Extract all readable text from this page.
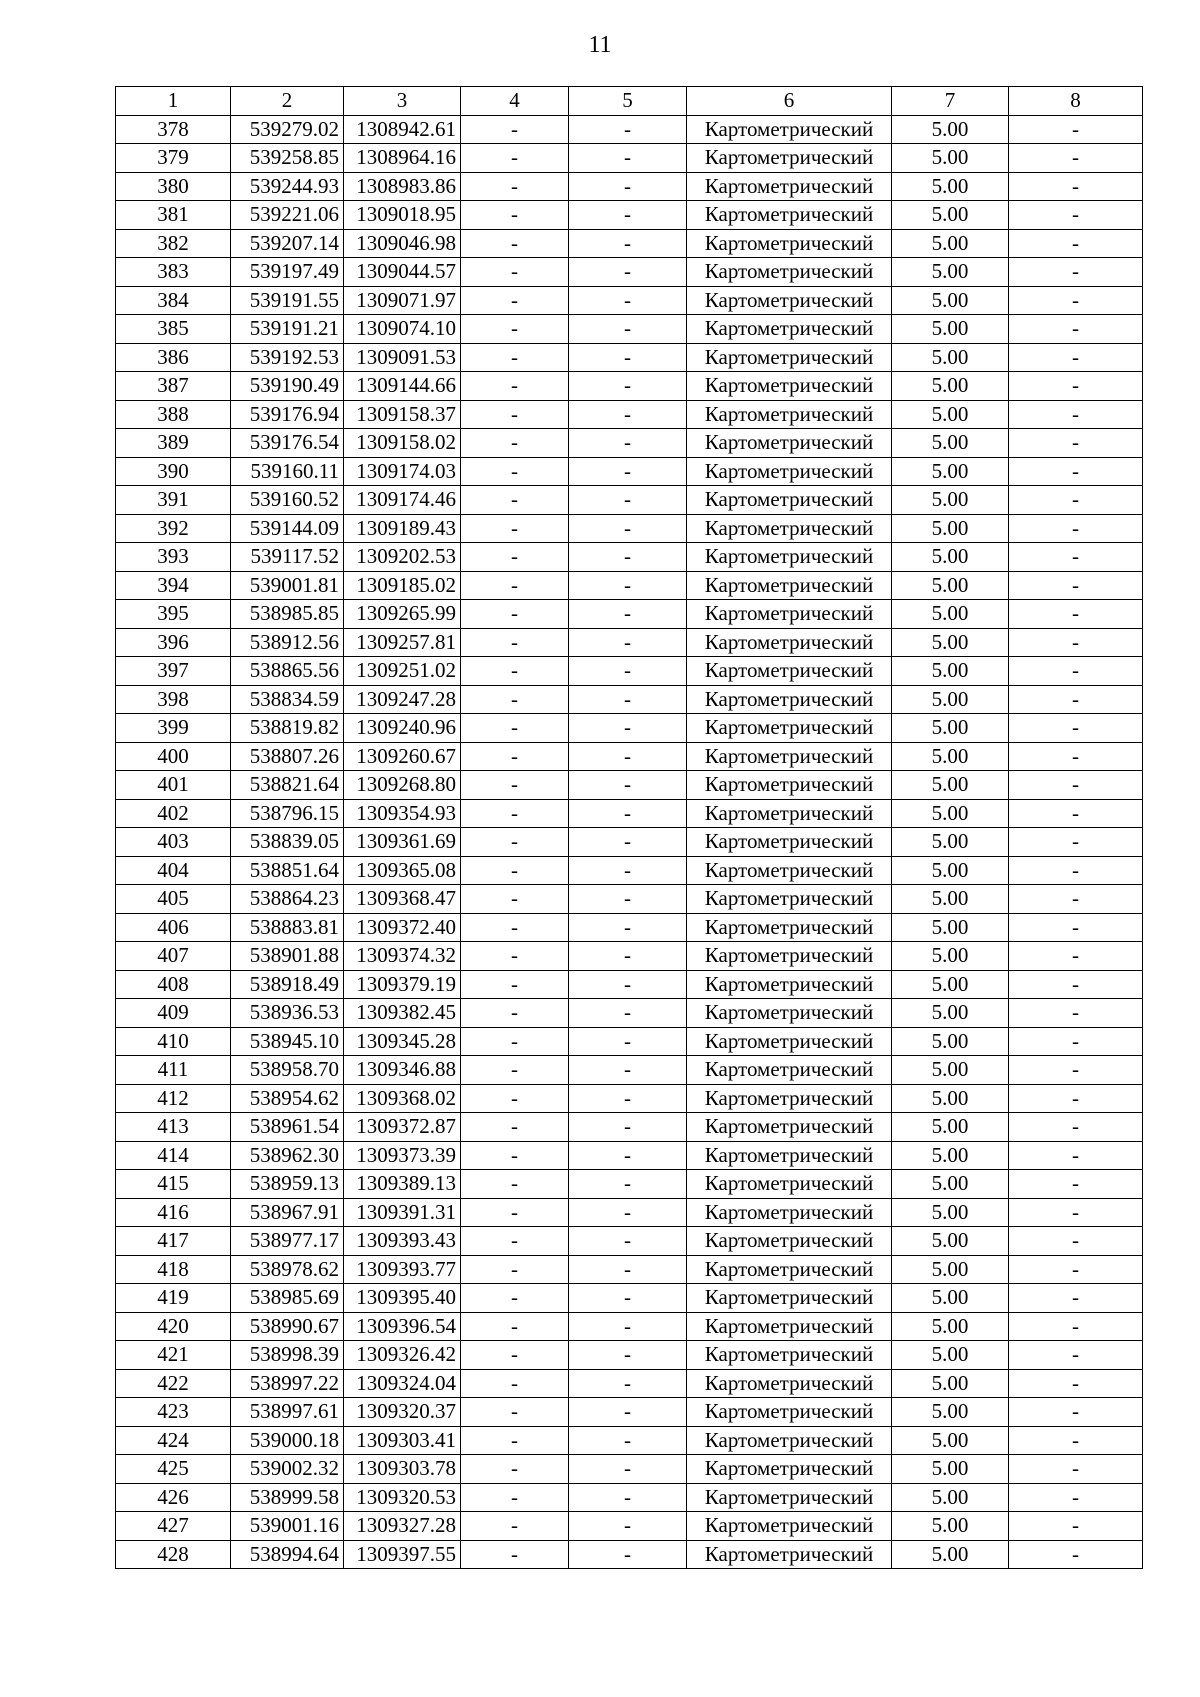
11
1	2	3	4	5	6	7	8
378	539279.02	1308942.61	-	-	Картометрический	5.00	-
379	539258.85	1308964.16	-	-	Картометрический	5.00	-
380	539244.93	1308983.86	-	-	Картометрический	5.00	-
381	539221.06	1309018.95	-	-	Картометрический	5.00	-
382	539207.14	1309046.98	-	-	Картометрический	5.00	-
383	539197.49	1309044.57	-	-	Картометрический	5.00	-
384	539191.55	1309071.97	-	-	Картометрический	5.00	-
385	539191.21	1309074.10	-	-	Картометрический	5.00	-
386	539192.53	1309091.53	-	-	Картометрический	5.00	-
387	539190.49	1309144.66	-	-	Картометрический	5.00	-
388	539176.94	1309158.37	-	-	Картометрический	5.00	-
389	539176.54	1309158.02	-	-	Картометрический	5.00	-
390	539160.11	1309174.03	-	-	Картометрический	5.00	-
391	539160.52	1309174.46	-	-	Картометрический	5.00	-
392	539144.09	1309189.43	-	-	Картометрический	5.00	-
393	539117.52	1309202.53	-	-	Картометрический	5.00	-
394	539001.81	1309185.02	-	-	Картометрический	5.00	-
395	538985.85	1309265.99	-	-	Картометрический	5.00	-
396	538912.56	1309257.81	-	-	Картометрический	5.00	-
397	538865.56	1309251.02	-	-	Картометрический	5.00	-
398	538834.59	1309247.28	-	-	Картометрический	5.00	-
399	538819.82	1309240.96	-	-	Картометрический	5.00	-
400	538807.26	1309260.67	-	-	Картометрический	5.00	-
401	538821.64	1309268.80	-	-	Картометрический	5.00	-
402	538796.15	1309354.93	-	-	Картометрический	5.00	-
403	538839.05	1309361.69	-	-	Картометрический	5.00	-
404	538851.64	1309365.08	-	-	Картометрический	5.00	-
405	538864.23	1309368.47	-	-	Картометрический	5.00	-
406	538883.81	1309372.40	-	-	Картометрический	5.00	-
407	538901.88	1309374.32	-	-	Картометрический	5.00	-
408	538918.49	1309379.19	-	-	Картометрический	5.00	-
409	538936.53	1309382.45	-	-	Картометрический	5.00	-
410	538945.10	1309345.28	-	-	Картометрический	5.00	-
411	538958.70	1309346.88	-	-	Картометрический	5.00	-
412	538954.62	1309368.02	-	-	Картометрический	5.00	-
413	538961.54	1309372.87	-	-	Картометрический	5.00	-
414	538962.30	1309373.39	-	-	Картометрический	5.00	-
415	538959.13	1309389.13	-	-	Картометрический	5.00	-
416	538967.91	1309391.31	-	-	Картометрический	5.00	-
417	538977.17	1309393.43	-	-	Картометрический	5.00	-
418	538978.62	1309393.77	-	-	Картометрический	5.00	-
419	538985.69	1309395.40	-	-	Картометрический	5.00	-
420	538990.67	1309396.54	-	-	Картометрический	5.00	-
421	538998.39	1309326.42	-	-	Картометрический	5.00	-
422	538997.22	1309324.04	-	-	Картометрический	5.00	-
423	538997.61	1309320.37	-	-	Картометрический	5.00	-
424	539000.18	1309303.41	-	-	Картометрический	5.00	-
425	539002.32	1309303.78	-	-	Картометрический	5.00	-
426	538999.58	1309320.53	-	-	Картометрический	5.00	-
427	539001.16	1309327.28	-	-	Картометрический	5.00	-
428	538994.64	1309397.55	-	-	Картометрический	5.00	-
